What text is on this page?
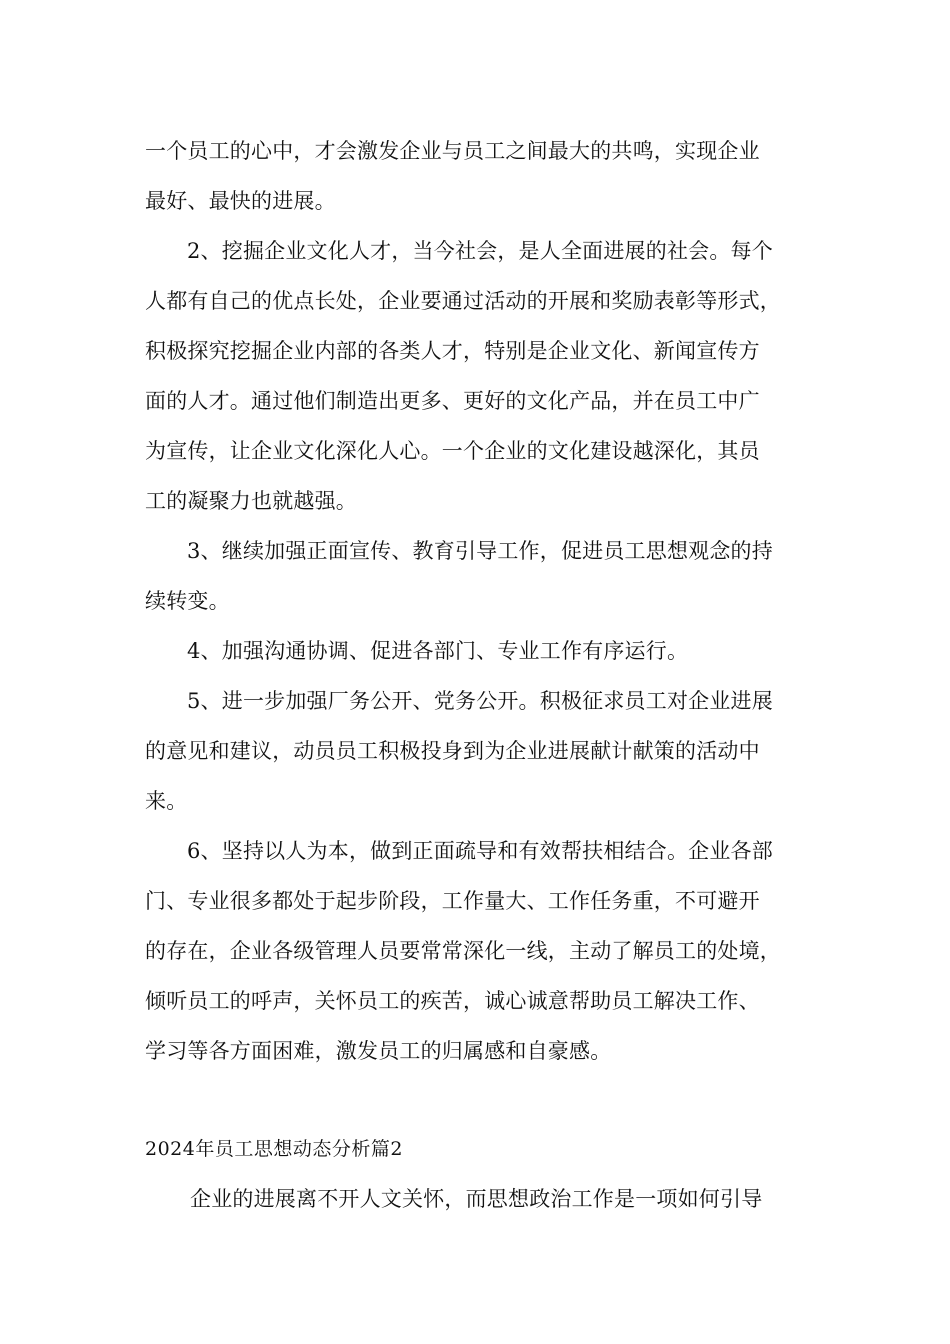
一个员工的心中，才会激发企业与员工之间最大的共鸣，实现企业
最好、最快的进展。
2、挖掘企业文化人才，当今社会，是人全面进展的社会。每个
人都有自己的优点长处，企业要通过活动的开展和奖励表彰等形式，
积极探究挖掘企业内部的各类人才，特别是企业文化、新闻宣传方
面的人才。通过他们制造出更多、更好的文化产品，并在员工中广
为宣传，让企业文化深化人心。一个企业的文化建设越深化，其员
工的凝聚力也就越强。
3、继续加强正面宣传、教育引导工作，促进员工思想观念的持
续转变。
4、加强沟通协调、促进各部门、专业工作有序运行。
5、进一步加强厂务公开、党务公开。积极征求员工对企业进展
的意见和建议，动员员工积极投身到为企业进展献计献策的活动中
来。
6、坚持以人为本，做到正面疏导和有效帮扶相结合。企业各部
门、专业很多都处于起步阶段，工作量大、工作任务重，不可避开
的存在，企业各级管理人员要常常深化一线，主动了解员工的处境，
倾听员工的呼声，关怀员工的疾苦，诚心诚意帮助员工解决工作、
学习等各方面困难，激发员工的归属感和自豪感。
2024年员工思想动态分析篇2
企业的进展离不开人文关怀，而思想政治工作是一项如何引导
